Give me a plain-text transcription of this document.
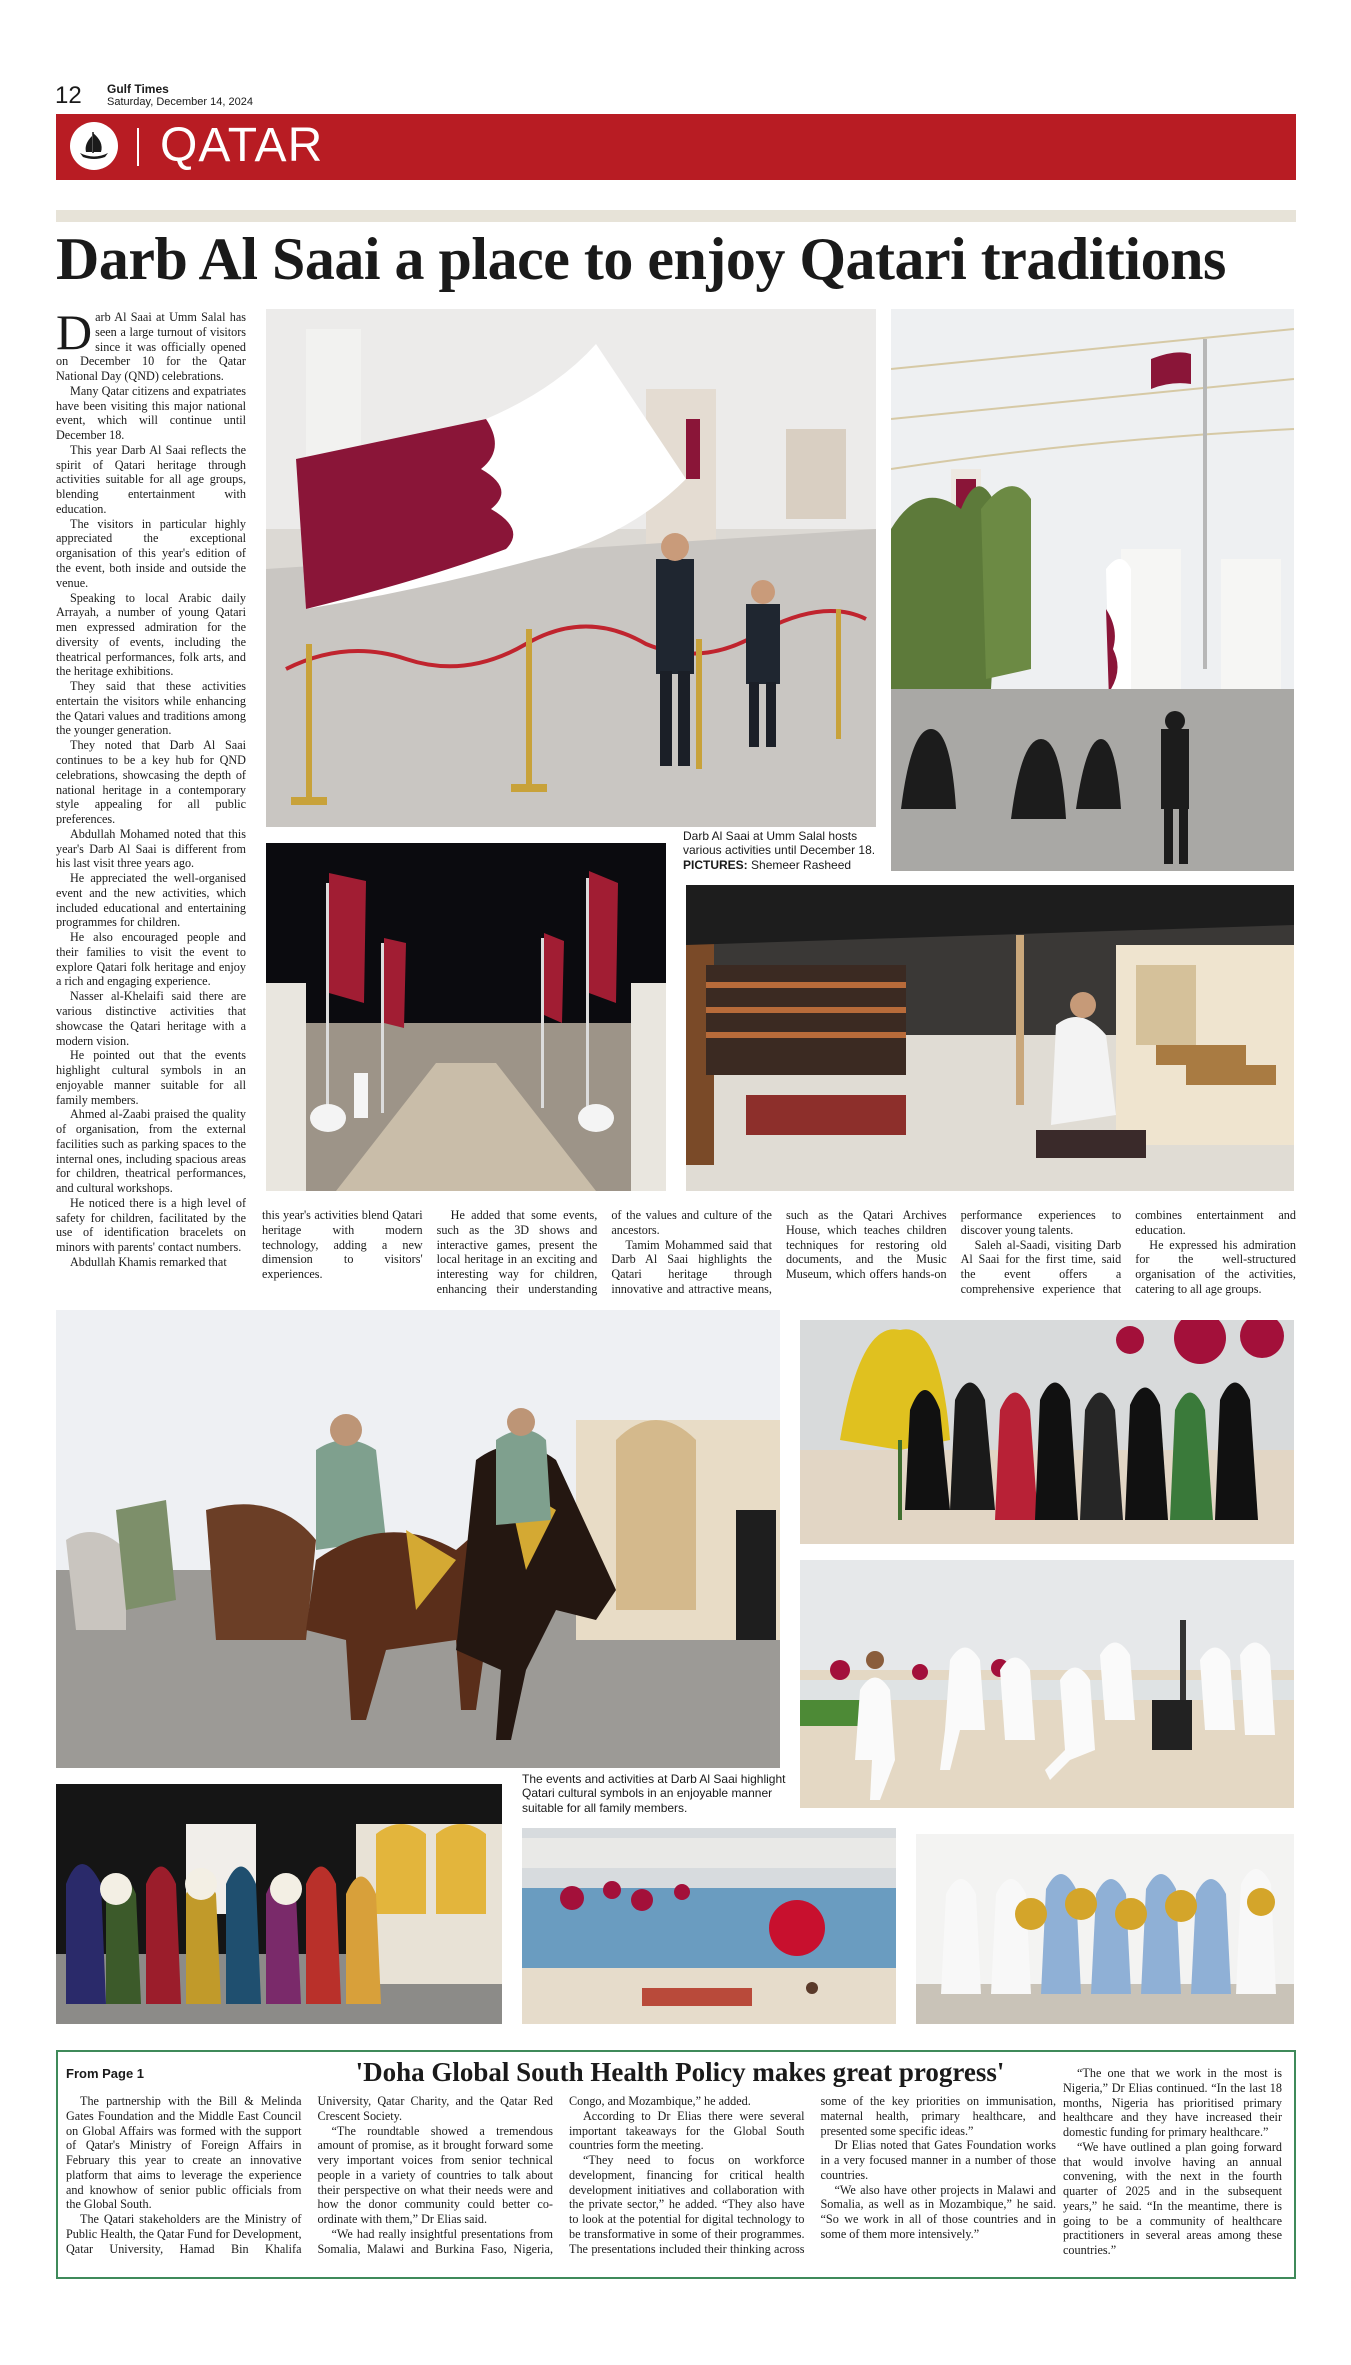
12 Gulf Times
Saturday, December 14, 2024
QATAR
Darb Al Saai a place to enjoy Qatari traditions

Darb Al Saai at Umm Salal has seen a large turnout of visitors since it was officially opened on December 10 for the Qatar National Day (QND) celebrations.

Many Qatar citizens and expatriates have been visiting this major national event, which will continue until December 18.

This year Darb Al Saai reflects the spirit of Qatari heritage through activities suitable for all age groups, blending entertainment with education.

The visitors in particular highly appreciated the exceptional organisation of this year's edition of the event, both inside and outside the venue.

Speaking to local Arabic daily Arrayah, a number of young Qatari men expressed admiration for the diversity of events, including the theatrical performances, folk arts, and the heritage exhibitions.

They said that these activities entertain the visitors while enhancing the Qatari values and traditions among the younger generation.

They noted that Darb Al Saai continues to be a key hub for QND celebrations, showcasing the depth of national heritage in a contemporary style appealing for all public preferences.

Abdullah Mohamed noted that this year's Darb Al Saai is different from his last visit three years ago.

He appreciated the well-organised event and the new activities, which included educational and entertaining programmes for children.

He also encouraged people and their families to visit the event to explore Qatari folk heritage and enjoy a rich and engaging experience.

Nasser al-Khelaifi said there are various distinctive activities that showcase the Qatari heritage with a modern vision.

He pointed out that the events highlight cultural symbols in an enjoyable manner suitable for all family members.

Ahmed al-Zaabi praised the quality of organisation, from the external facilities such as parking spaces to the internal ones, including spacious areas for children, theatrical performances, and cultural workshops.

He noticed there is a high level of safety for children, facilitated by the use of identification bracelets on minors with parents' contact numbers.

Abdullah Khamis remarked that

Darb Al Saai at Umm Salal hosts various activities until December 18. PICTURES: Shemeer Rasheed

this year's activities blend Qatari heritage with modern technology, adding a new dimension to visitors' experiences.

He added that some events, such as the 3D shows and interactive games, present the local heritage in an exciting and interesting way for children, enhancing their understanding of the values and culture of the ancestors.

Tamim Mohammed said that Darb Al Saai highlights the Qatari heritage through innovative and attractive means, such as the Qatari Archives House, which teaches children techniques for restoring old documents, and the Music Museum, which offers hands-on performance experiences to discover young talents.

Saleh al-Saadi, visiting Darb Al Saai for the first time, said the event offers a comprehensive experience that combines entertainment and education.

He expressed his admiration for the well-structured organisation of the activities, catering to all age groups.

The events and activities at Darb Al Saai highlight Qatari cultural symbols in an enjoyable manner suitable for all family members.
From Page 1	'Doha Global South Health Policy makes great progress'

The partnership with the Bill & Melinda Gates Foundation and the Middle East Council on Global Affairs was formed with the support of Qatar's Ministry of Foreign Affairs in February this year to create an innovative platform that aims to leverage the experience and knowhow of senior public officials from the Global South.

The Qatari stakeholders are the Ministry of Public Health, the Qatar Fund for Development, Qatar University, Hamad Bin Khalifa University, Qatar Charity, and the Qatar Red Crescent Society.

“The roundtable showed a tremendous amount of promise, as it brought forward some very important voices from senior technical people in a variety of countries to talk about their perspective on what their needs were and how the donor community could better co-ordinate with them,” Dr Elias said.

“We had really insightful presentations from Somalia, Malawi and Burkina Faso, Nigeria, Congo, and Mozambique,” he added.

According to Dr Elias there were several important takeaways for the Global South countries form the meeting.

“They need to focus on workforce development, financing for critical health development initiatives and collaboration with the private sector,” he added. “They also have to look at the potential for digital technology to be transformative in some of their programmes. The presentations included their thinking across some of the key priorities on immunisation, maternal health, primary healthcare, and presented some specific ideas.”

Dr Elias noted that Gates Foundation works in a very focused manner in a number of those countries.

“We also have other projects in Malawi and Somalia, as well as in Mozambique,” he said. “So we work in all of those countries and in some of them more intensively.”

“The one that we work in the most is Nigeria,” Dr Elias continued. “In the last 18 months, Nigeria has prioritised primary healthcare and they have increased their domestic funding for primary healthcare.”

“We have outlined a plan going forward that would involve having an annual convening, with the next in the fourth quarter of 2025 and in the subsequent years,” he said. “In the meantime, there is going to be a community of healthcare practitioners in several areas among these countries.”
